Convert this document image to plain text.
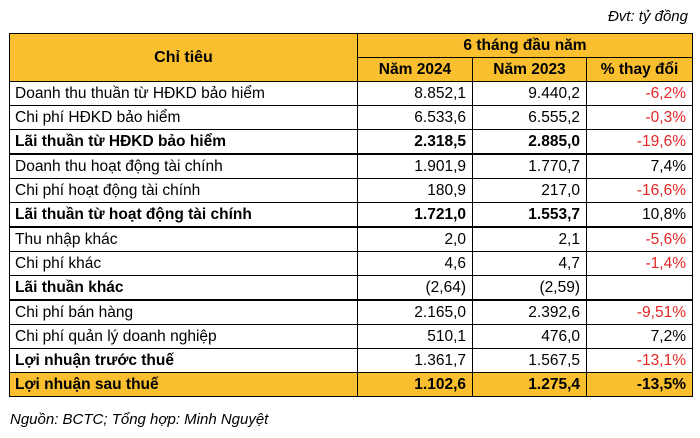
Đvt: tỷ đồng
Chỉ tiêu	6 tháng đầu năm		
	Năm 2024	Năm 2023	% thay đổi
Doanh thu thuần từ HĐKD bảo hiểm	8.852,1	9.440,2	-6,2%
Chi phí HĐKD bảo hiểm	6.533,6	6.555,2	-0,3%
Lãi thuần từ HĐKD bảo hiểm	2.318,5	2.885,0	-19,6%
Doanh thu hoạt động tài chính	1.901,9	1.770,7	7,4%
Chi phí hoạt động tài chính	180,9	217,0	-16,6%
Lãi thuần từ hoạt động tài chính	1.721,0	1.553,7	10,8%
Thu nhập khác	2,0	2,1	-5,6%
Chi phí khác	4,6	4,7	-1,4%
Lãi thuần khác	(2,64)	(2,59)	
Chi phí bán hàng	2.165,0	2.392,6	-9,51%
Chi phí quản lý doanh nghiệp	510,1	476,0	7,2%
Lợi nhuận trước thuế	1.361,7	1.567,5	-13,1%
Lợi nhuận sau thuế	1.102,6	1.275,4	-13,5%
Nguồn: BCTC; Tổng hợp: Minh Nguyệt
